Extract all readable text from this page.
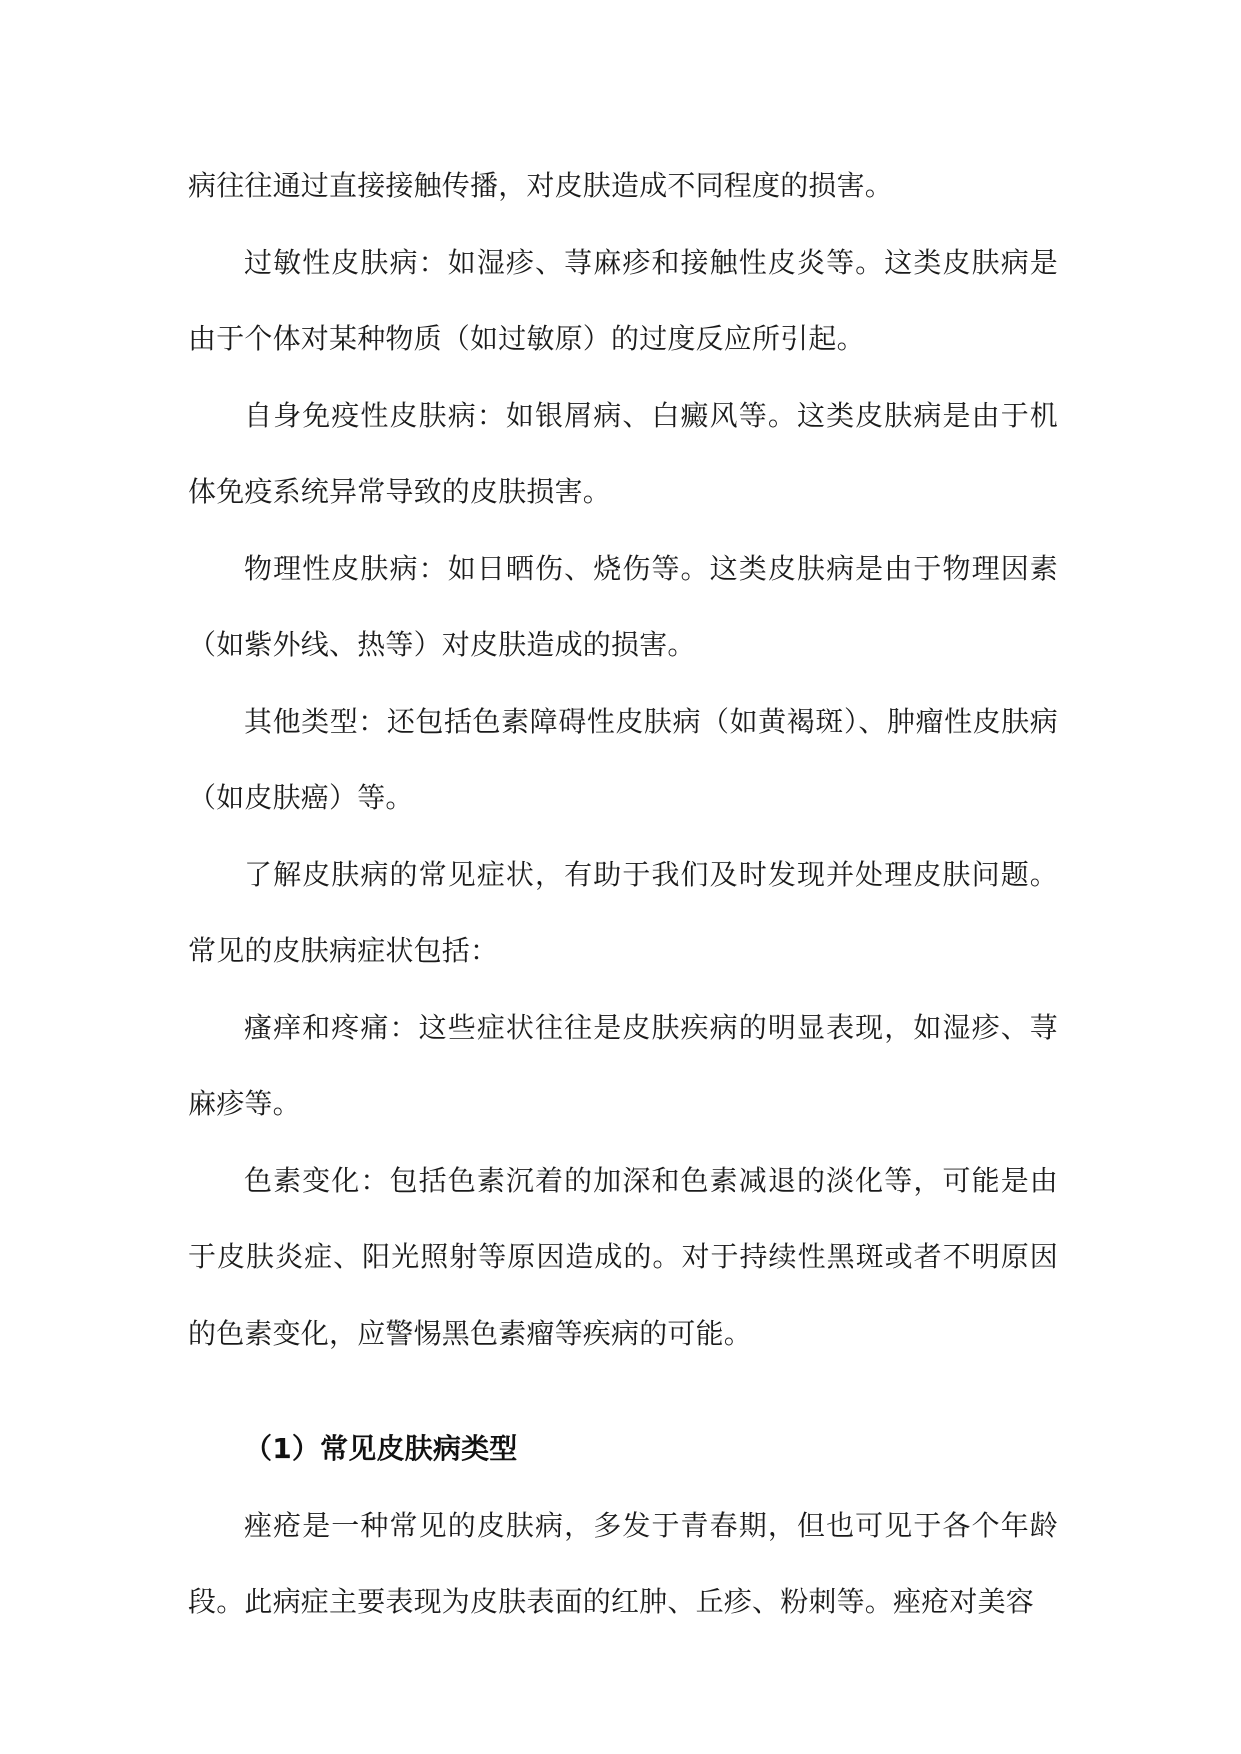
病往往通过直接接触传播，对皮肤造成不同程度的损害。

过敏性皮肤病：如湿疹、荨麻疹和接触性皮炎等。这类皮肤病是由于个体对某种物质（如过敏原）的过度反应所引起。

自身免疫性皮肤病：如银屑病、白癜风等。这类皮肤病是由于机体免疫系统异常导致的皮肤损害。

物理性皮肤病：如日晒伤、烧伤等。这类皮肤病是由于物理因素（如紫外线、热等）对皮肤造成的损害。

其他类型：还包括色素障碍性皮肤病（如黄褐斑）、肿瘤性皮肤病（如皮肤癌）等。

了解皮肤病的常见症状，有助于我们及时发现并处理皮肤问题。常见的皮肤病症状包括：

瘙痒和疼痛：这些症状往往是皮肤疾病的明显表现，如湿疹、荨麻疹等。

色素变化：包括色素沉着的加深和色素减退的淡化等，可能是由于皮肤炎症、阳光照射等原因造成的。对于持续性黑斑或者不明原因的色素变化，应警惕黑色素瘤等疾病的可能。

（1）常见皮肤病类型

痤疮是一种常见的皮肤病，多发于青春期，但也可见于各个年龄段。此病症主要表现为皮肤表面的红肿、丘疹、粉刺等。痤疮对美容
